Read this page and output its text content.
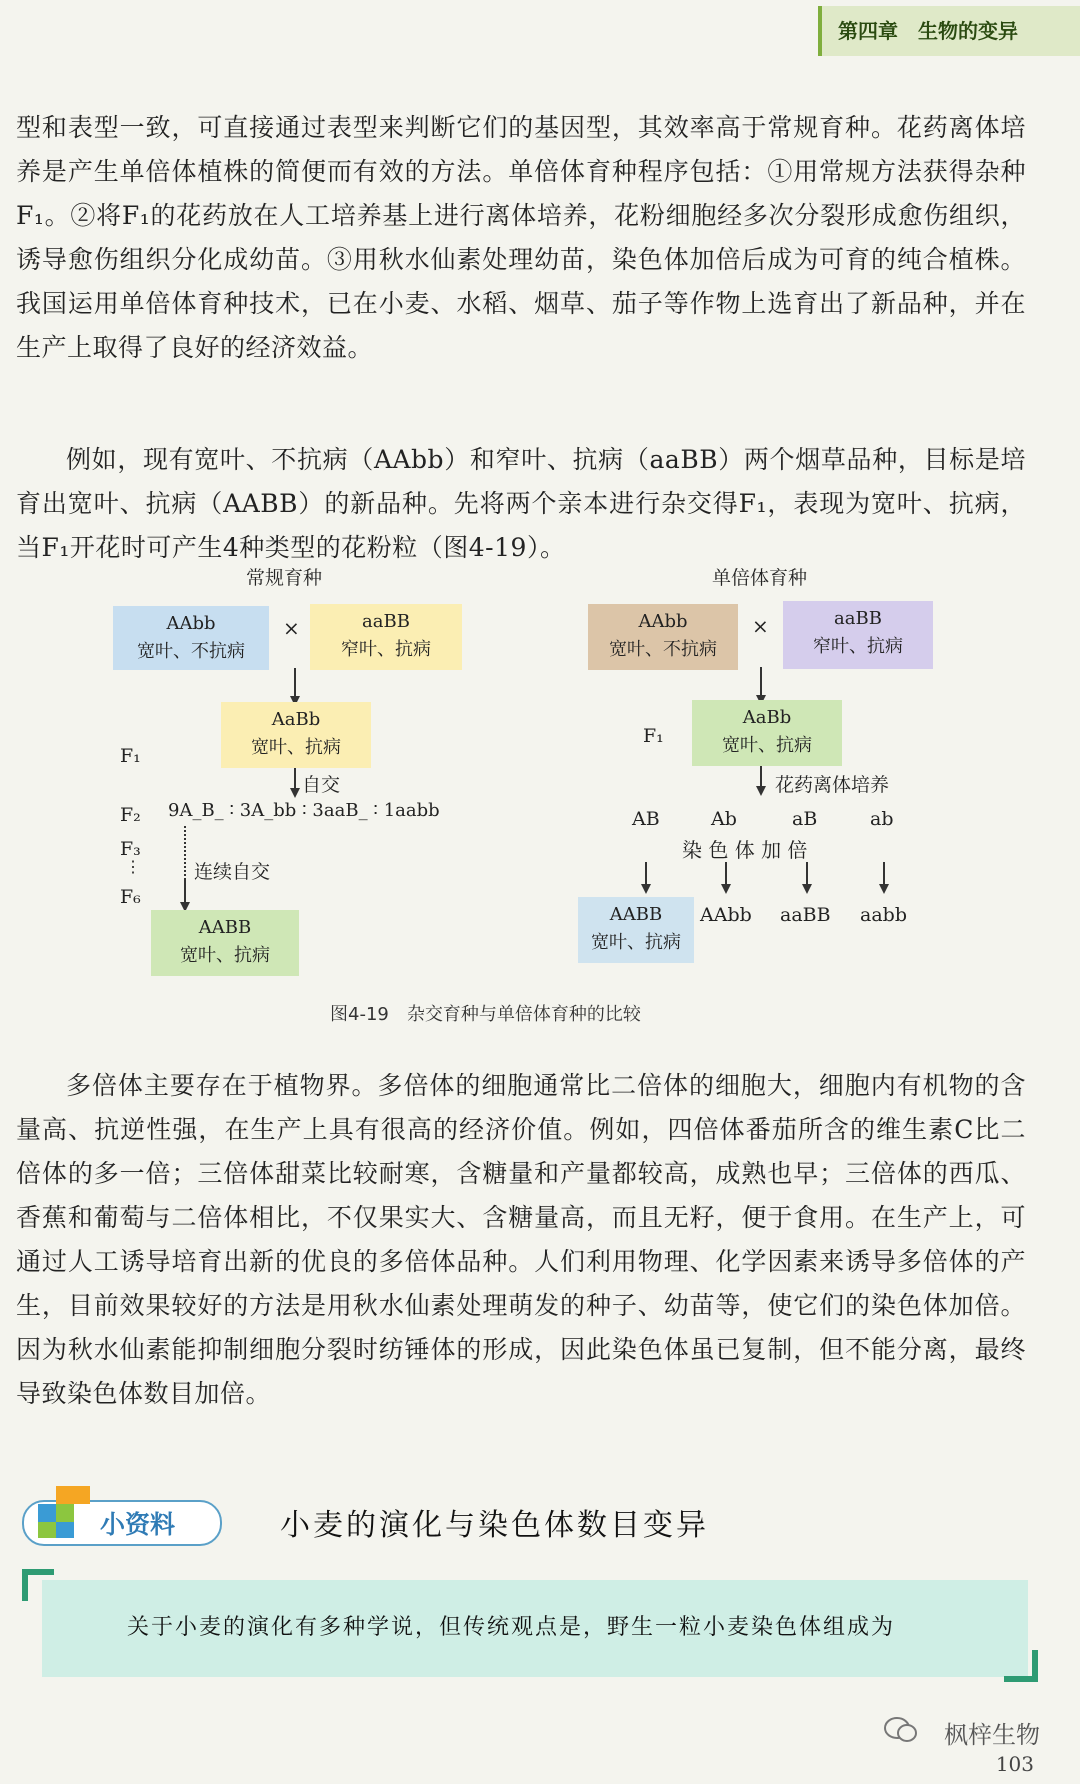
第四章　生物的变异

型和表型一致，可直接通过表型来判断它们的基因型，其效率高于常规育种。花药离体培养是产生单倍体植株的简便而有效的方法。单倍体育种程序包括：①用常规方法获得杂种F₁。②将F₁的花药放在人工培养基上进行离体培养，花粉细胞经多次分裂形成愈伤组织，诱导愈伤组织分化成幼苗。③用秋水仙素处理幼苗，染色体加倍后成为可育的纯合植株。我国运用单倍体育种技术，已在小麦、水稻、烟草、茄子等作物上选育出了新品种，并在生产上取得了良好的经济效益。

例如，现有宽叶、不抗病（AAbb）和窄叶、抗病（aaBB）两个烟草品种，目标是培育出宽叶、抗病（AABB）的新品种。先将两个亲本进行杂交得F₁，表现为宽叶、抗病，当F₁开花时可产生4种类型的花粉粒（图4-19）。

常规育种	单倍体育种
AAbb
宽叶、不抗病
×	aaBB
窄叶、抗病
F₁
AaBb
宽叶、抗病
自交
F₂ 9A_B_ ∶ 3A_bb ∶ 3aaB_ ∶ 1aabb
F₃
⋮
F₆
连续自交
AABB
宽叶、抗病
AAbb
宽叶、不抗病
×	aaBB
窄叶、抗病
F₁
AaBb
宽叶、抗病
花药离体培养
AB	Ab	aB	ab
染 色 体 加 倍
AABB
宽叶、抗病
AAbb aaBB aabb
图4-19　杂交育种与单倍体育种的比较

多倍体主要存在于植物界。多倍体的细胞通常比二倍体的细胞大，细胞内有机物的含量高、抗逆性强，在生产上具有很高的经济价值。例如，四倍体番茄所含的维生素C比二倍体的多一倍；三倍体甜菜比较耐寒，含糖量和产量都较高，成熟也早；三倍体的西瓜、香蕉和葡萄与二倍体相比，不仅果实大、含糖量高，而且无籽，便于食用。在生产上，可通过人工诱导培育出新的优良的多倍体品种。人们利用物理、化学因素来诱导多倍体的产生，目前效果较好的方法是用秋水仙素处理萌发的种子、幼苗等，使它们的染色体加倍。因为秋水仙素能抑制细胞分裂时纺锤体的形成，因此染色体虽已复制，但不能分离，最终导致染色体数目加倍。

小资料	小麦的演化与染色体数目变异
关于小麦的演化有多种学说，但传统观点是，野生一粒小麦染色体组成为
枫梓生物
103
